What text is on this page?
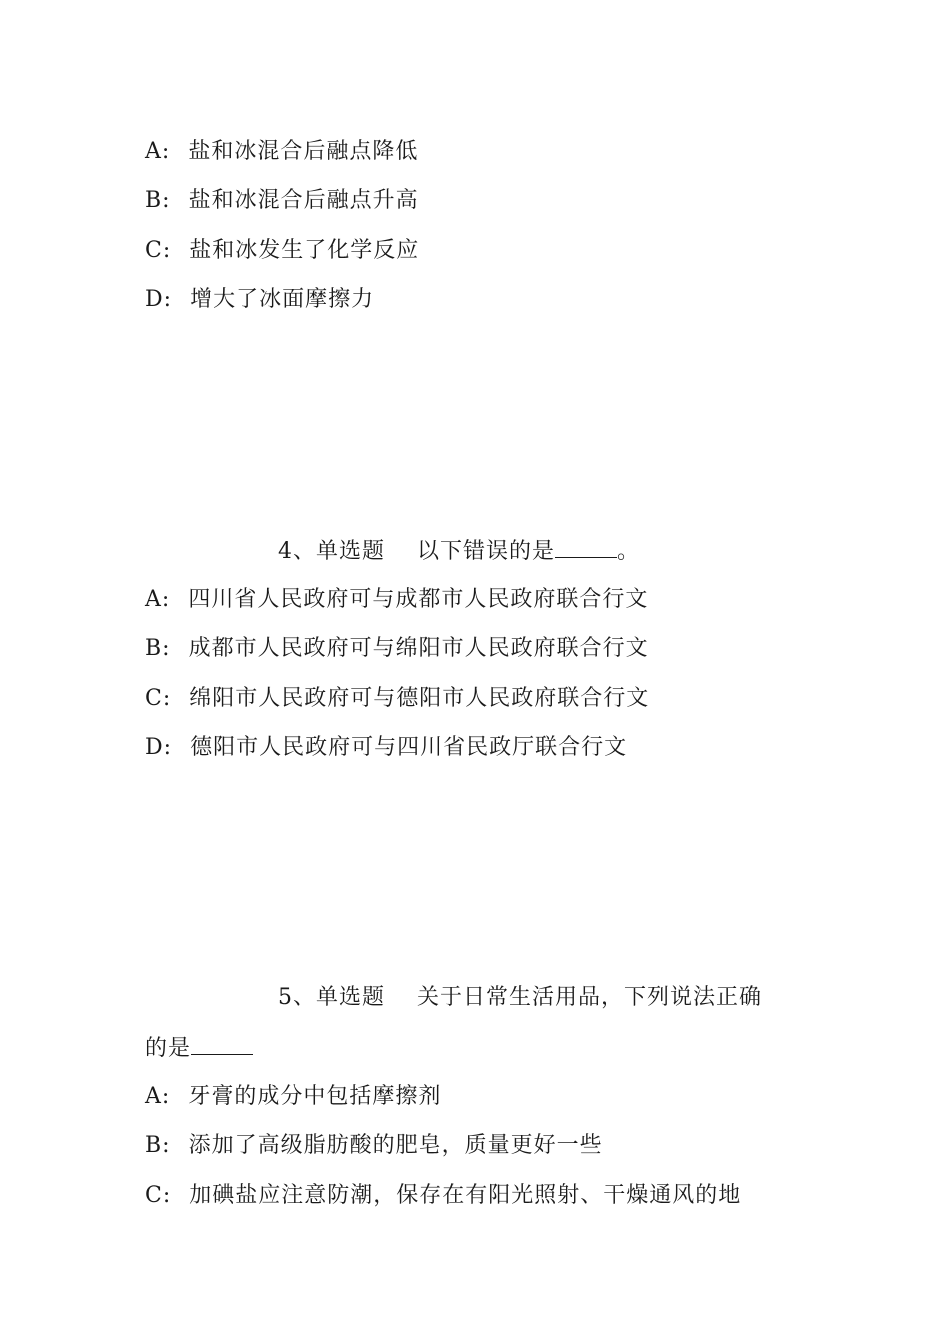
A: 盐和冰混合后融点降低
B: 盐和冰混合后融点升高
C: 盐和冰发生了化学反应
D: 增大了冰面摩擦力
4、单选题 以下错误的是	。
A: 四川省人民政府可与成都市人民政府联合行文
B: 成都市人民政府可与绵阳市人民政府联合行文
C: 绵阳市人民政府可与德阳市人民政府联合行文
D: 德阳市人民政府可与四川省民政厅联合行文
5、单选题 关于日常生活用品，下列说法正确
的是
A: 牙膏的成分中包括摩擦剂
B: 添加了高级脂肪酸的肥皂，质量更好一些
C: 加碘盐应注意防潮，保存在有阳光照射、干燥通风的地
